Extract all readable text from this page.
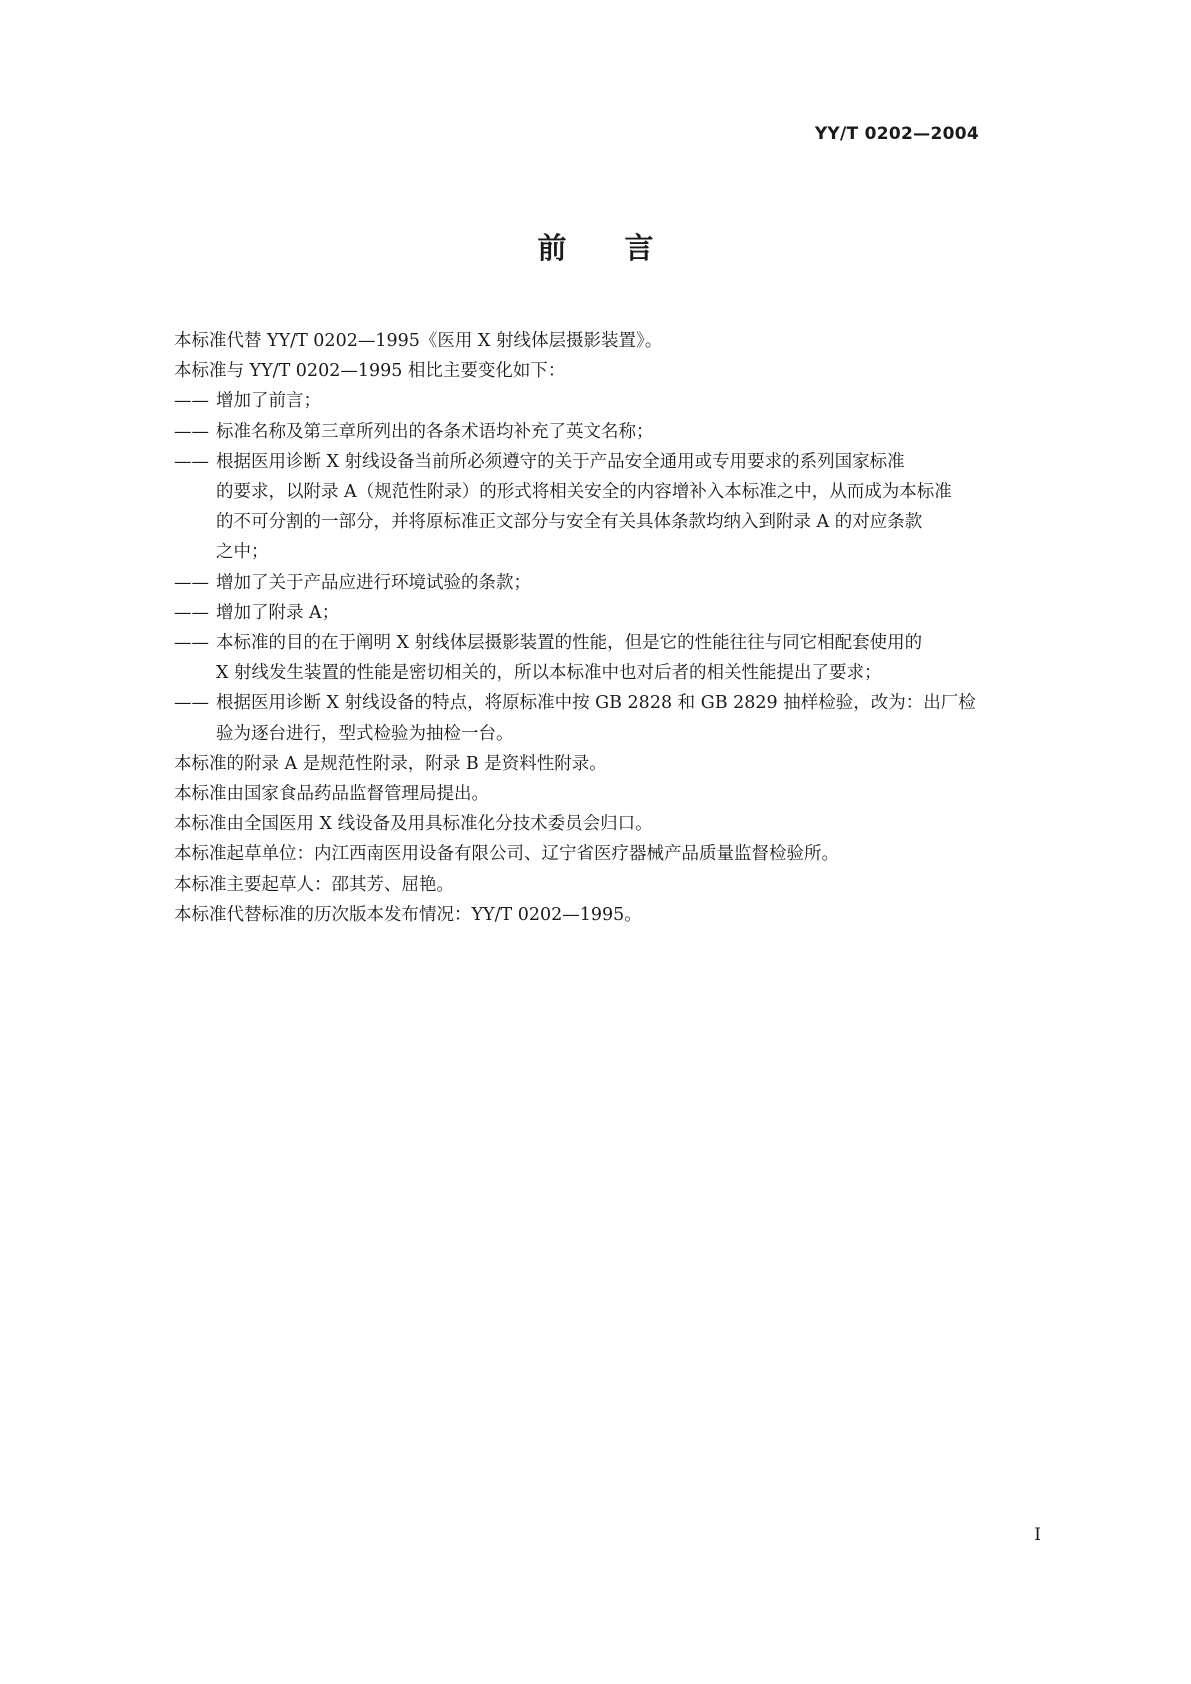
YY/T 0202—2004
前　　言
本标准代替 YY/T 0202—1995《医用 X 射线体层摄影装置》。
本标准与 YY/T 0202—1995 相比主要变化如下：
—— 增加了前言；
—— 标准名称及第三章所列出的各条术语均补充了英文名称；
—— 根据医用诊断 X 射线设备当前所必须遵守的关于产品安全通用或专用要求的系列国家标准
的要求，以附录 A（规范性附录）的形式将相关安全的内容增补入本标准之中，从而成为本标准
的不可分割的一部分，并将原标准正文部分与安全有关具体条款均纳入到附录 A 的对应条款
之中；
—— 增加了关于产品应进行环境试验的条款；
—— 增加了附录 A；
—— 本标准的目的在于阐明 X 射线体层摄影装置的性能，但是它的性能往往与同它相配套使用的
X 射线发生装置的性能是密切相关的，所以本标准中也对后者的相关性能提出了要求；
—— 根据医用诊断 X 射线设备的特点，将原标准中按 GB 2828 和 GB 2829 抽样检验，改为：出厂检
验为逐台进行，型式检验为抽检一台。
本标准的附录 A 是规范性附录，附录 B 是资料性附录。
本标准由国家食品药品监督管理局提出。
本标准由全国医用 X 线设备及用具标准化分技术委员会归口。
本标准起草单位：内江西南医用设备有限公司、辽宁省医疗器械产品质量监督检验所。
本标准主要起草人：邵其芳、屈艳。
本标准代替标准的历次版本发布情况：YY/T 0202—1995。
I
